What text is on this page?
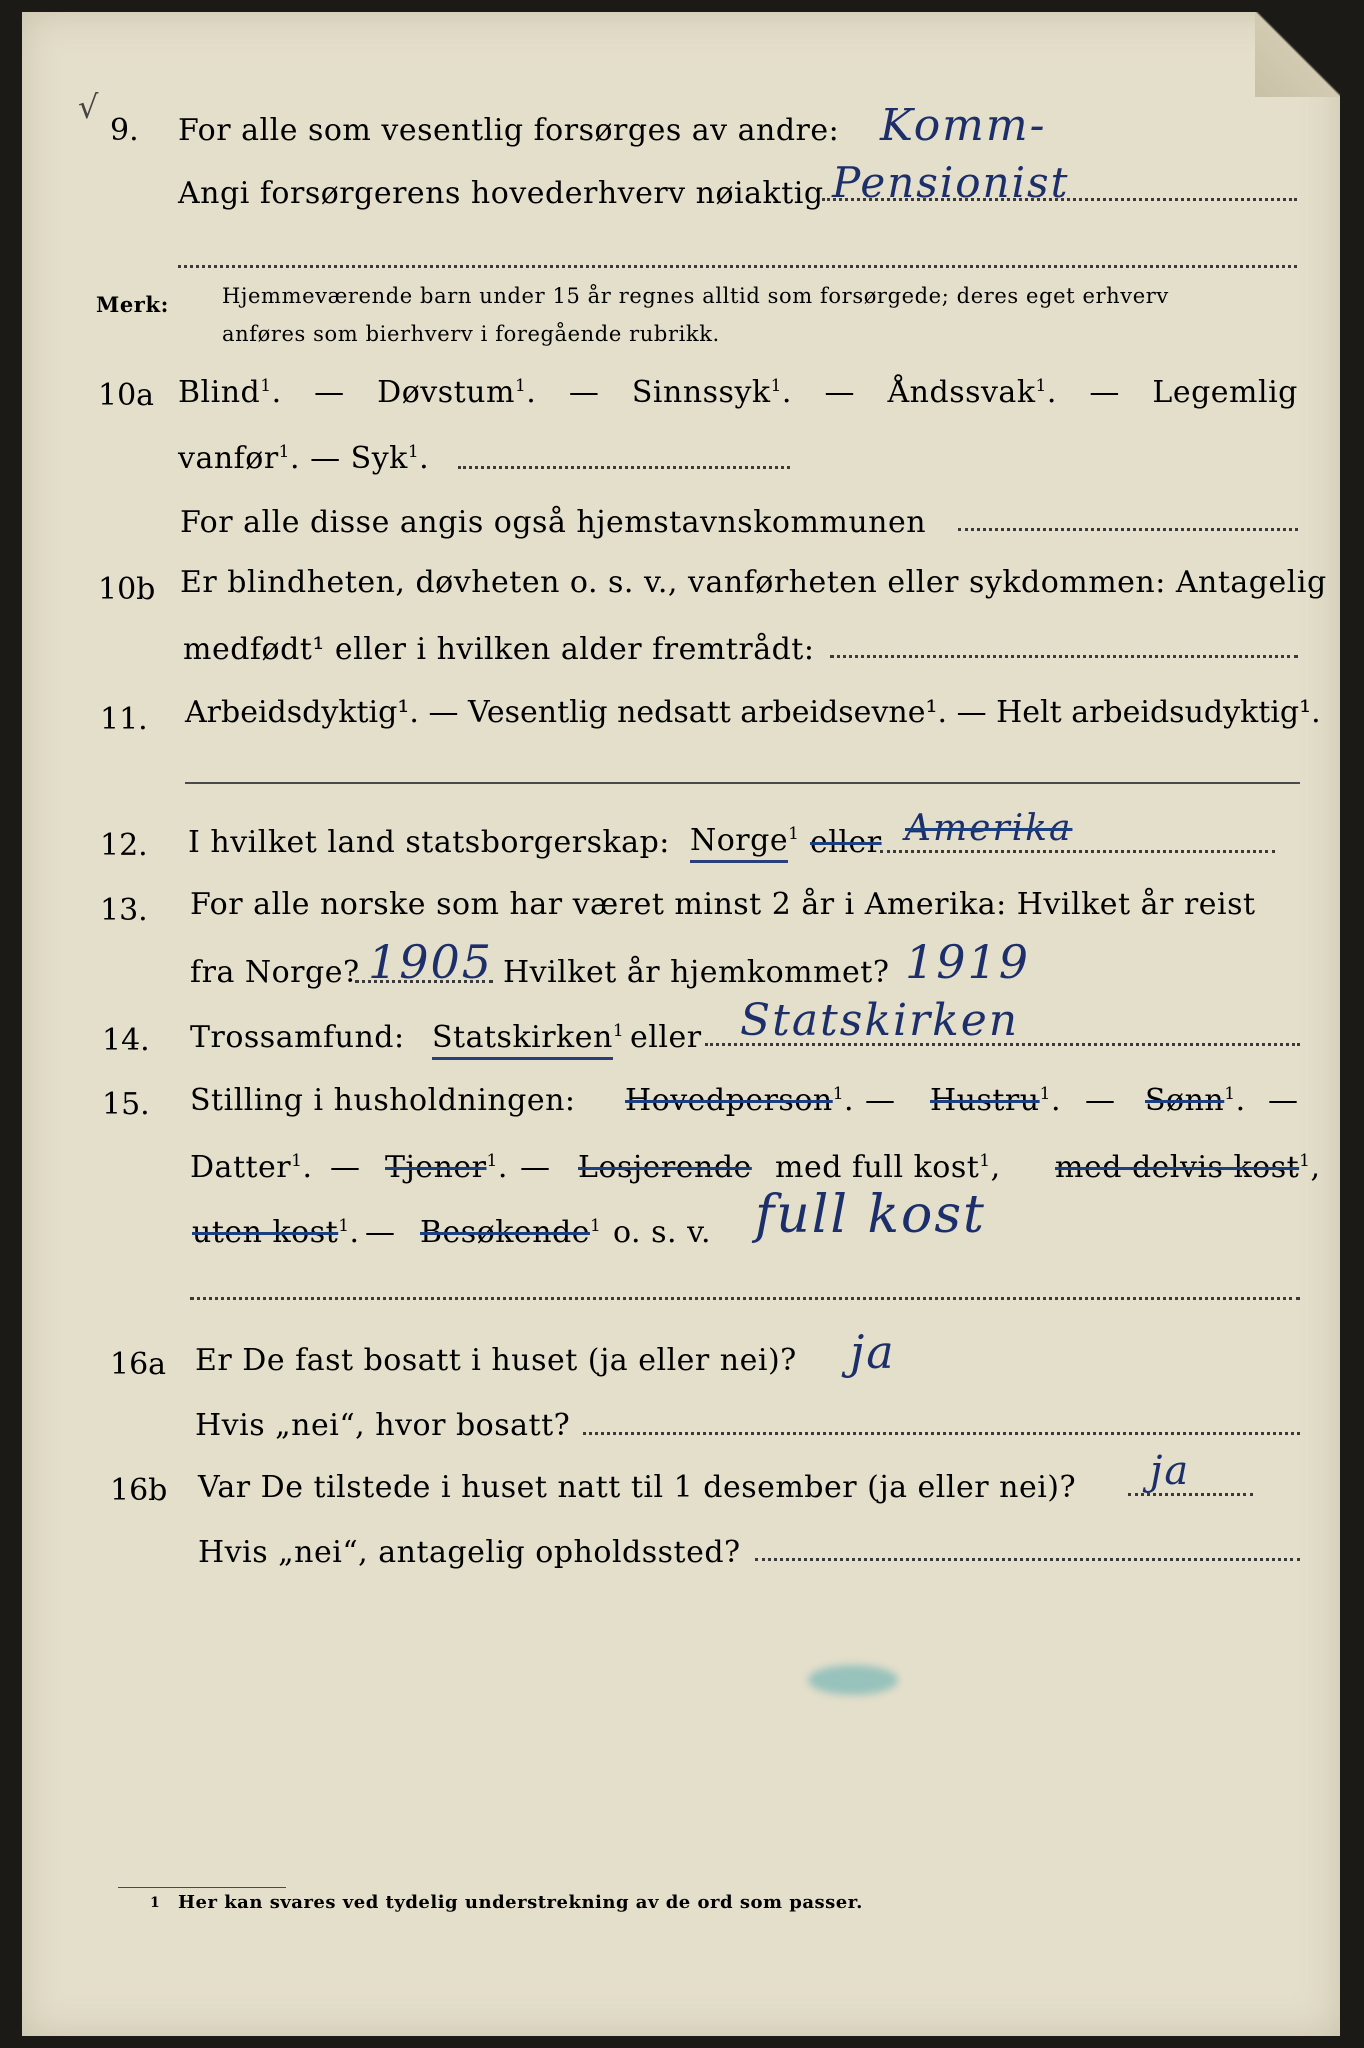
√
9. For alle som vesentlig forsørges av andre: Komm-
Angi forsørgerens hovederhverv nøiaktig Pensionist
Merk:	Hjemmeværende barn under 15 år regnes alltid som forsørgede; deres eget erhverv
anføres som bierhverv i foregående rubrikk.
10a Blind$^1$. — Døvstum$^1$. — Sinnssyk$^1$. — Åndssvak$^1$. — Legemlig
vanfør$^1$. — Syk$^1$.
For alle disse angis også hjemstavnskommunen
10b Er blindheten, døvheten o. s. v., vanførheten eller sykdommen: Antagelig
medfødt¹ eller i hvilken alder fremtrådt:
11. Arbeidsdyktig¹. — Vesentlig nedsatt arbeidsevne¹. — Helt arbeidsudyktig¹.
12. I hvilket land statsborgerskap: Norge$^1$ eller Amerika
13. For alle norske som har været minst 2 år i Amerika: Hvilket år reist
fra Norge? 1905 Hvilket år hjemkommet? 1919
14. Trossamfund: Statskirken$^1$ eller Statskirken
15. Stilling i husholdningen: Hovedperson$^1$. — Hustru$^1$. — Sønn$^1$. —
Datter$^1$. — Tjener$^1$. — Losjerende med full kost$^1$, med delvis kost$^1$,
uten kost$^1$. — Besøkende$^1$ o. s. v. full kost
16a Er De fast bosatt i huset (ja eller nei)? ja
Hvis „nei“, hvor bosatt?
16b Var De tilstede i huset natt til 1 desember (ja eller nei)? ja
Hvis „nei“, antagelig opholdssted?
1 Her kan svares ved tydelig understrekning av de ord som passer.
